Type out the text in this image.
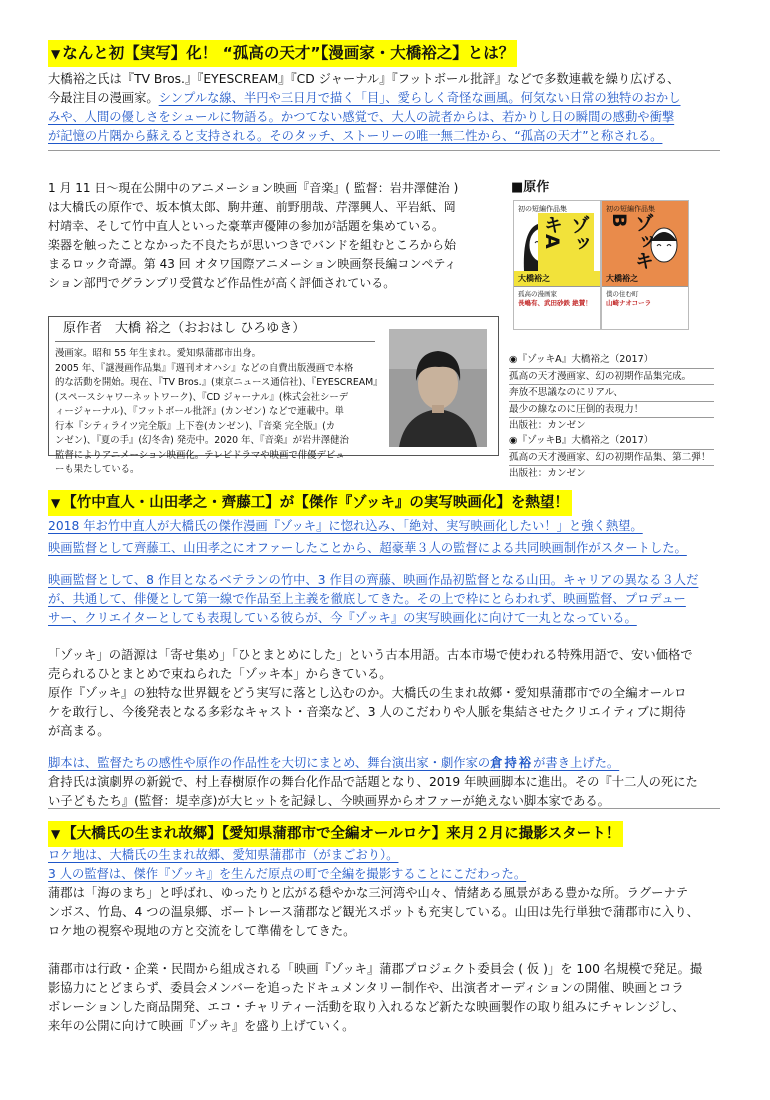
▼ なんと初【実写】化！ “孤高の天才”【漫画家・大橋裕之】とは？

大橋裕之氏は『TV Bros.』『EYESCREAM』『CD ジャーナル』『フットボール批評』などで多数連載を繰り広げる、

今最注目の漫画家。シンプルな線、半円や三日月で描く「目」、愛らしく奇怪な画風。何気ない日常の独特のおかし

みや、人間の優しさをシュールに物語る。かつてない感覚で、大人の読者からは、若かりし日の瞬間の感動や衝撃

が記憶の片隅から蘇えると支持される。そのタッチ、ストーリーの唯一無二性から、“孤高の天才”と称される。

1 月 11 日～現在公開中のアニメーション映画『音楽』( 監督：岩井澤健治 )

は大橋氏の原作で、坂本慎太郎、駒井蓮、前野朋哉、芹澤興人、平岩紙、岡

村靖幸、そして竹中直人といった豪華声優陣の参加が話題を集めている。

楽器を触ったことなかった不良たちが思いつきでバンドを組むところから始

まるロック奇譚。第 43 回 オタワ国際アニメーション映画祭長編コンペティ

ション部門でグランプリ受賞など作品性が高く評価されている。

原作者　大橋 裕之（おおはし ひろゆき）
漫画家。昭和 55 年生まれ。愛知県蒲郡市出身。
2005 年、『謎漫画作品集』『週刊オオハシ』などの自費出版漫画で本格
的な活動を開始。現在、『TV Bros.』(東京ニュース通信社)、『EYESCREAM』
(スペースシャワーネットワーク)、『CD ジャーナル』(株式会社シーデ
ィージャーナル)、『フットボール批評』(カンゼン) などで連載中。単
行本『シティライツ完全版』上下巻(カンゼン)、『音楽 完全版』(カ
ンゼン)、『夏の手』(幻冬舎) 発売中。2020 年、『音楽』が岩井澤健治
監督によりアニメーション映画化。テレビドラマや映画で俳優デビュ
ーも果たしている。
■原作
初の短編作品集
ゾッキA
大橋裕之
孤高の漫画家
長嶋有、武田砂鉄 絶賛！
初の短編作品集
ゾッキB
大橋裕之
僕の住む町
山崎ナオコーラ
◉『ゾッキA』大橋裕之（2017）
孤高の天才漫画家、幻の初期作品集完成。
奔放不思議なのにリアル、
最少の線なのに圧倒的表現力！
出版社：カンゼン
◉『ゾッキB』大橋裕之（2017）
孤高の天才漫画家、幻の初期作品集、第二弾！
出版社：カンゼン
▼ 【竹中直人・山田孝之・齊藤工】が【傑作『ゾッキ』の実写映画化】を熱望！

2018 年お竹中直人が大橋氏の傑作漫画『ゾッキ』に惚れ込み、「絶対、実写映画化したい！」と強く熱望。

映画監督として齊藤工、山田孝之にオファーしたことから、超豪華３人の監督による共同映画制作がスタートした。

映画監督として、8 作目となるベテランの竹中、3 作目の齊藤、映画作品初監督となる山田。キャリアの異なる３人だ

が、共通して、俳優として第一線で作品至上主義を徹底してきた。その上で枠にとらわれず、映画監督、プロデュー

サー、クリエイターとしても表現している彼らが、今『ゾッキ』の実写映画化に向けて一丸となっている。

「ゾッキ」の語源は「寄せ集め」「ひとまとめにした」という古本用語。古本市場で使われる特殊用語で、安い価格で

売られるひとまとめで束ねられた「ゾッキ本」からきている。

原作『ゾッキ』の独特な世界観をどう実写に落とし込むのか。大橋氏の生まれ故郷・愛知県蒲郡市での全編オールロ

ケを敢行し、今後発表となる多彩なキャスト・音楽など、3 人のこだわりや人脈を集結させたクリエイティブに期待

が高まる。

脚本は、監督たちの感性や原作の作品性を大切にまとめ、舞台演出家・劇作家の倉持裕が書き上げた。

倉持氏は演劇界の新鋭で、村上春樹原作の舞台化作品で話題となり、2019 年映画脚本に進出。その『十二人の死にた

い子どもたち』(監督：堤幸彦)が大ヒットを記録し、今映画界からオファーが絶えない脚本家である。

▼ 【大橋氏の生まれ故郷】【愛知県蒲郡市で全編オールロケ】来月２月に撮影スタート！

ロケ地は、大橋氏の生まれ故郷、愛知県蒲郡市（がまごおり）。

3 人の監督は、傑作『ゾッキ』を生んだ原点の町で全編を撮影することにこだわった。

蒲郡は「海のまち」と呼ばれ、ゆったりと広がる穏やかな三河湾や山々、情緒ある風景がある豊かな所。ラグーナテ

ンボス、竹島、4 つの温泉郷、ボートレース蒲郡など観光スポットも充実している。山田は先行単独で蒲郡市に入り、

ロケ地の視察や現地の方と交流をして準備をしてきた。

蒲郡市は行政・企業・民間から組成される「映画『ゾッキ』蒲郡プロジェクト委員会 ( 仮 )」を 100 名規模で発足。撮

影協力にとどまらず、委員会メンバーを追ったドキュメンタリー制作や、出演者オーディションの開催、映画とコラ

ボレーションした商品開発、エコ・チャリティー活動を取り入れるなど新たな映画製作の取り組みにチャレンジし、

来年の公開に向けて映画『ゾッキ』を盛り上げていく。
